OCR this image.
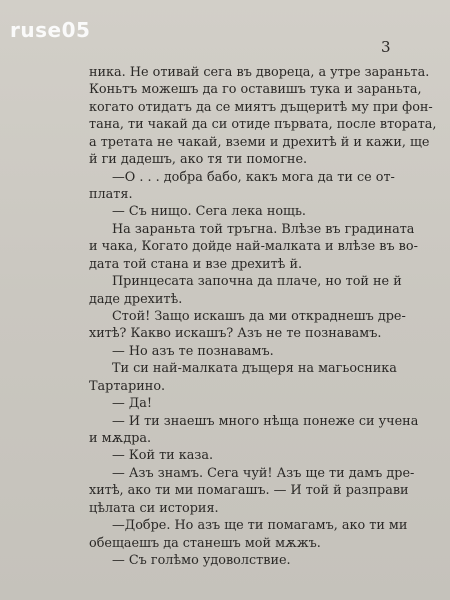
ruse05
3
ника. Не отивай сега въ двореца, а утре зараньта.
Коньтъ можешъ да го оставишъ тука и зараньта,
когато отидатъ да се миятъ дъщеритѣ му при фон-
тана, ти чакай да си отиде първата, после втората,
а третата не чакай, вземи и дрехитѣ й и кажи, ще
й ги дадешъ, ако тя ти помогне.
—О . . . добра бабо, какъ мога да ти се от-
платя.
— Съ нищо. Сега лека нощь.
На зараньта той тръгна. Влѣзе въ градината
и чака, Когато дойде най-малката и влѣзе въ во-
дата той стана и взе дрехитѣ й.
Принцесата започна да плаче, но той не й
даде дрехитѣ.
Стой! Защо искашъ да ми откраднешъ дре-
хитѣ? Какво искашъ? Азъ не те познавамъ.
— Но азъ те познавамъ.
Ти си най-малката дъщеря на магьосника
Тартарино.
— Да!
— И ти знаешъ много нѣща понеже си учена
и мѫдра.
— Кой ти каза.
— Азъ знамъ. Сега чуй! Азъ ще ти дамъ дре-
хитѣ, ако ти ми помагашъ. — И той й разправи
цѣлата си история.
—Добре. Но азъ ще ти помагамъ, ако ти ми
обещаешъ да станешъ мой мѫжъ.
— Съ голѣмо удоволствие.
